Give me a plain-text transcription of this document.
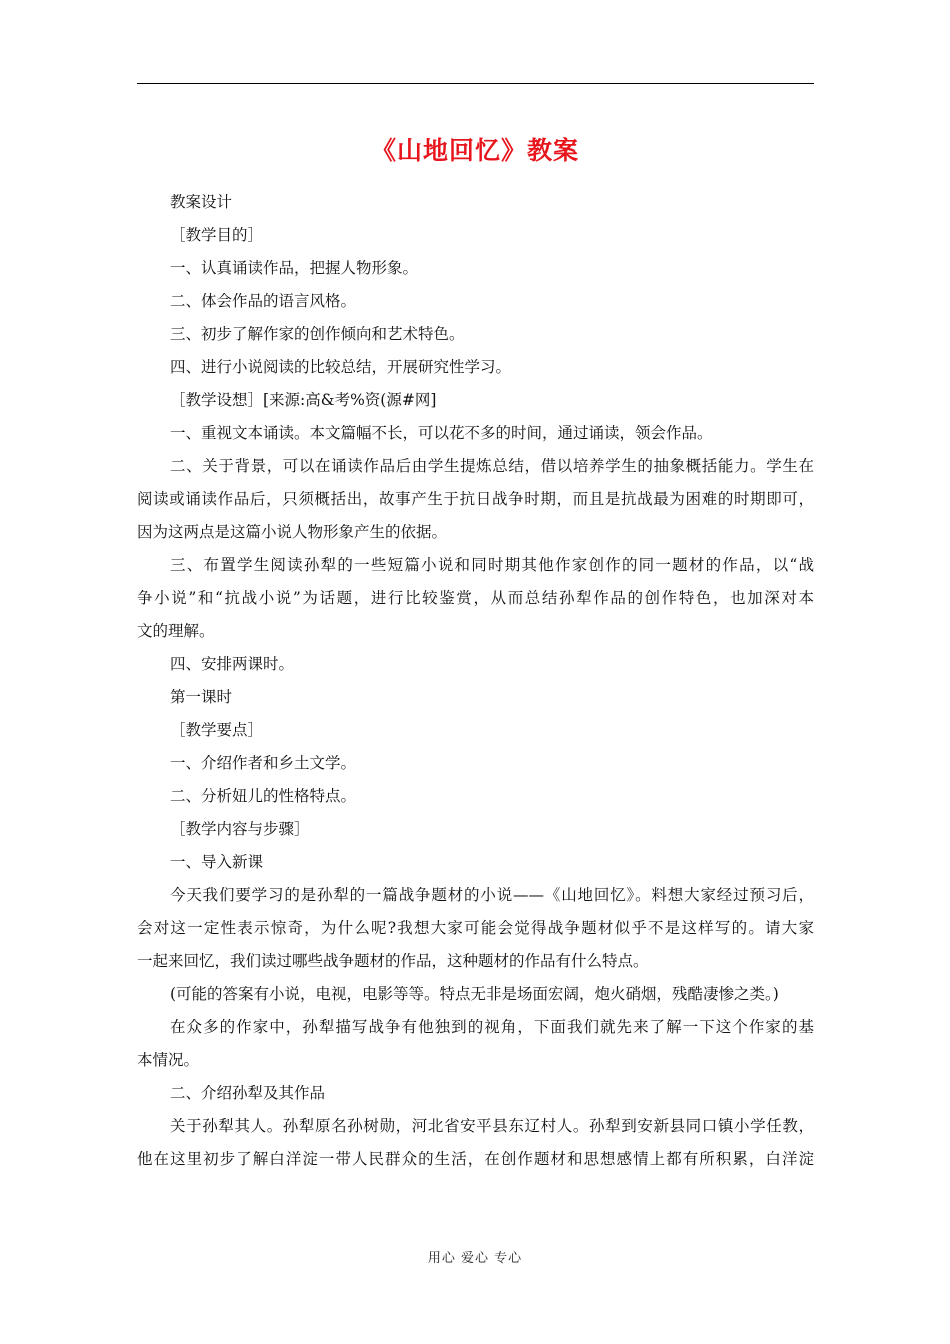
《山地回忆》教案
教案设计
［教学目的］
一、认真诵读作品，把握人物形象。
二、体会作品的语言风格。
三、初步了解作家的创作倾向和艺术特色。
四、进行小说阅读的比较总结，开展研究性学习。
［教学设想］[来源:高&考%资(源#网]
一、重视文本诵读。本文篇幅不长，可以花不多的时间，通过诵读，领会作品。
二、关于背景，可以在诵读作品后由学生提炼总结，借以培养学生的抽象概括能力。学生在
阅读或诵读作品后，只须概括出，故事产生于抗日战争时期，而且是抗战最为困难的时期即可，
因为这两点是这篇小说人物形象产生的依据。
三、布置学生阅读孙犁的一些短篇小说和同时期其他作家创作的同一题材的作品，以“战
争小说”和“抗战小说”为话题，进行比较鉴赏，从而总结孙犁作品的创作特色，也加深对本
文的理解。
四、安排两课时。
第一课时
［教学要点］
一、介绍作者和乡土文学。
二、分析妞儿的性格特点。
［教学内容与步骤］
一、导入新课
今天我们要学习的是孙犁的一篇战争题材的小说——《山地回忆》。料想大家经过预习后，
会对这一定性表示惊奇，为什么呢?我想大家可能会觉得战争题材似乎不是这样写的。请大家
一起来回忆，我们读过哪些战争题材的作品，这种题材的作品有什么特点。
(可能的答案有小说，电视，电影等等。特点无非是场面宏阔，炮火硝烟，残酷凄惨之类。)
在众多的作家中，孙犁描写战争有他独到的视角，下面我们就先来了解一下这个作家的基
本情况。
二、介绍孙犁及其作品
关于孙犁其人。孙犁原名孙树勋，河北省安平县东辽村人。孙犁到安新县同口镇小学任教，
他在这里初步了解白洋淀一带人民群众的生活，在创作题材和思想感情上都有所积累，白洋淀
用心 爱心 专心
